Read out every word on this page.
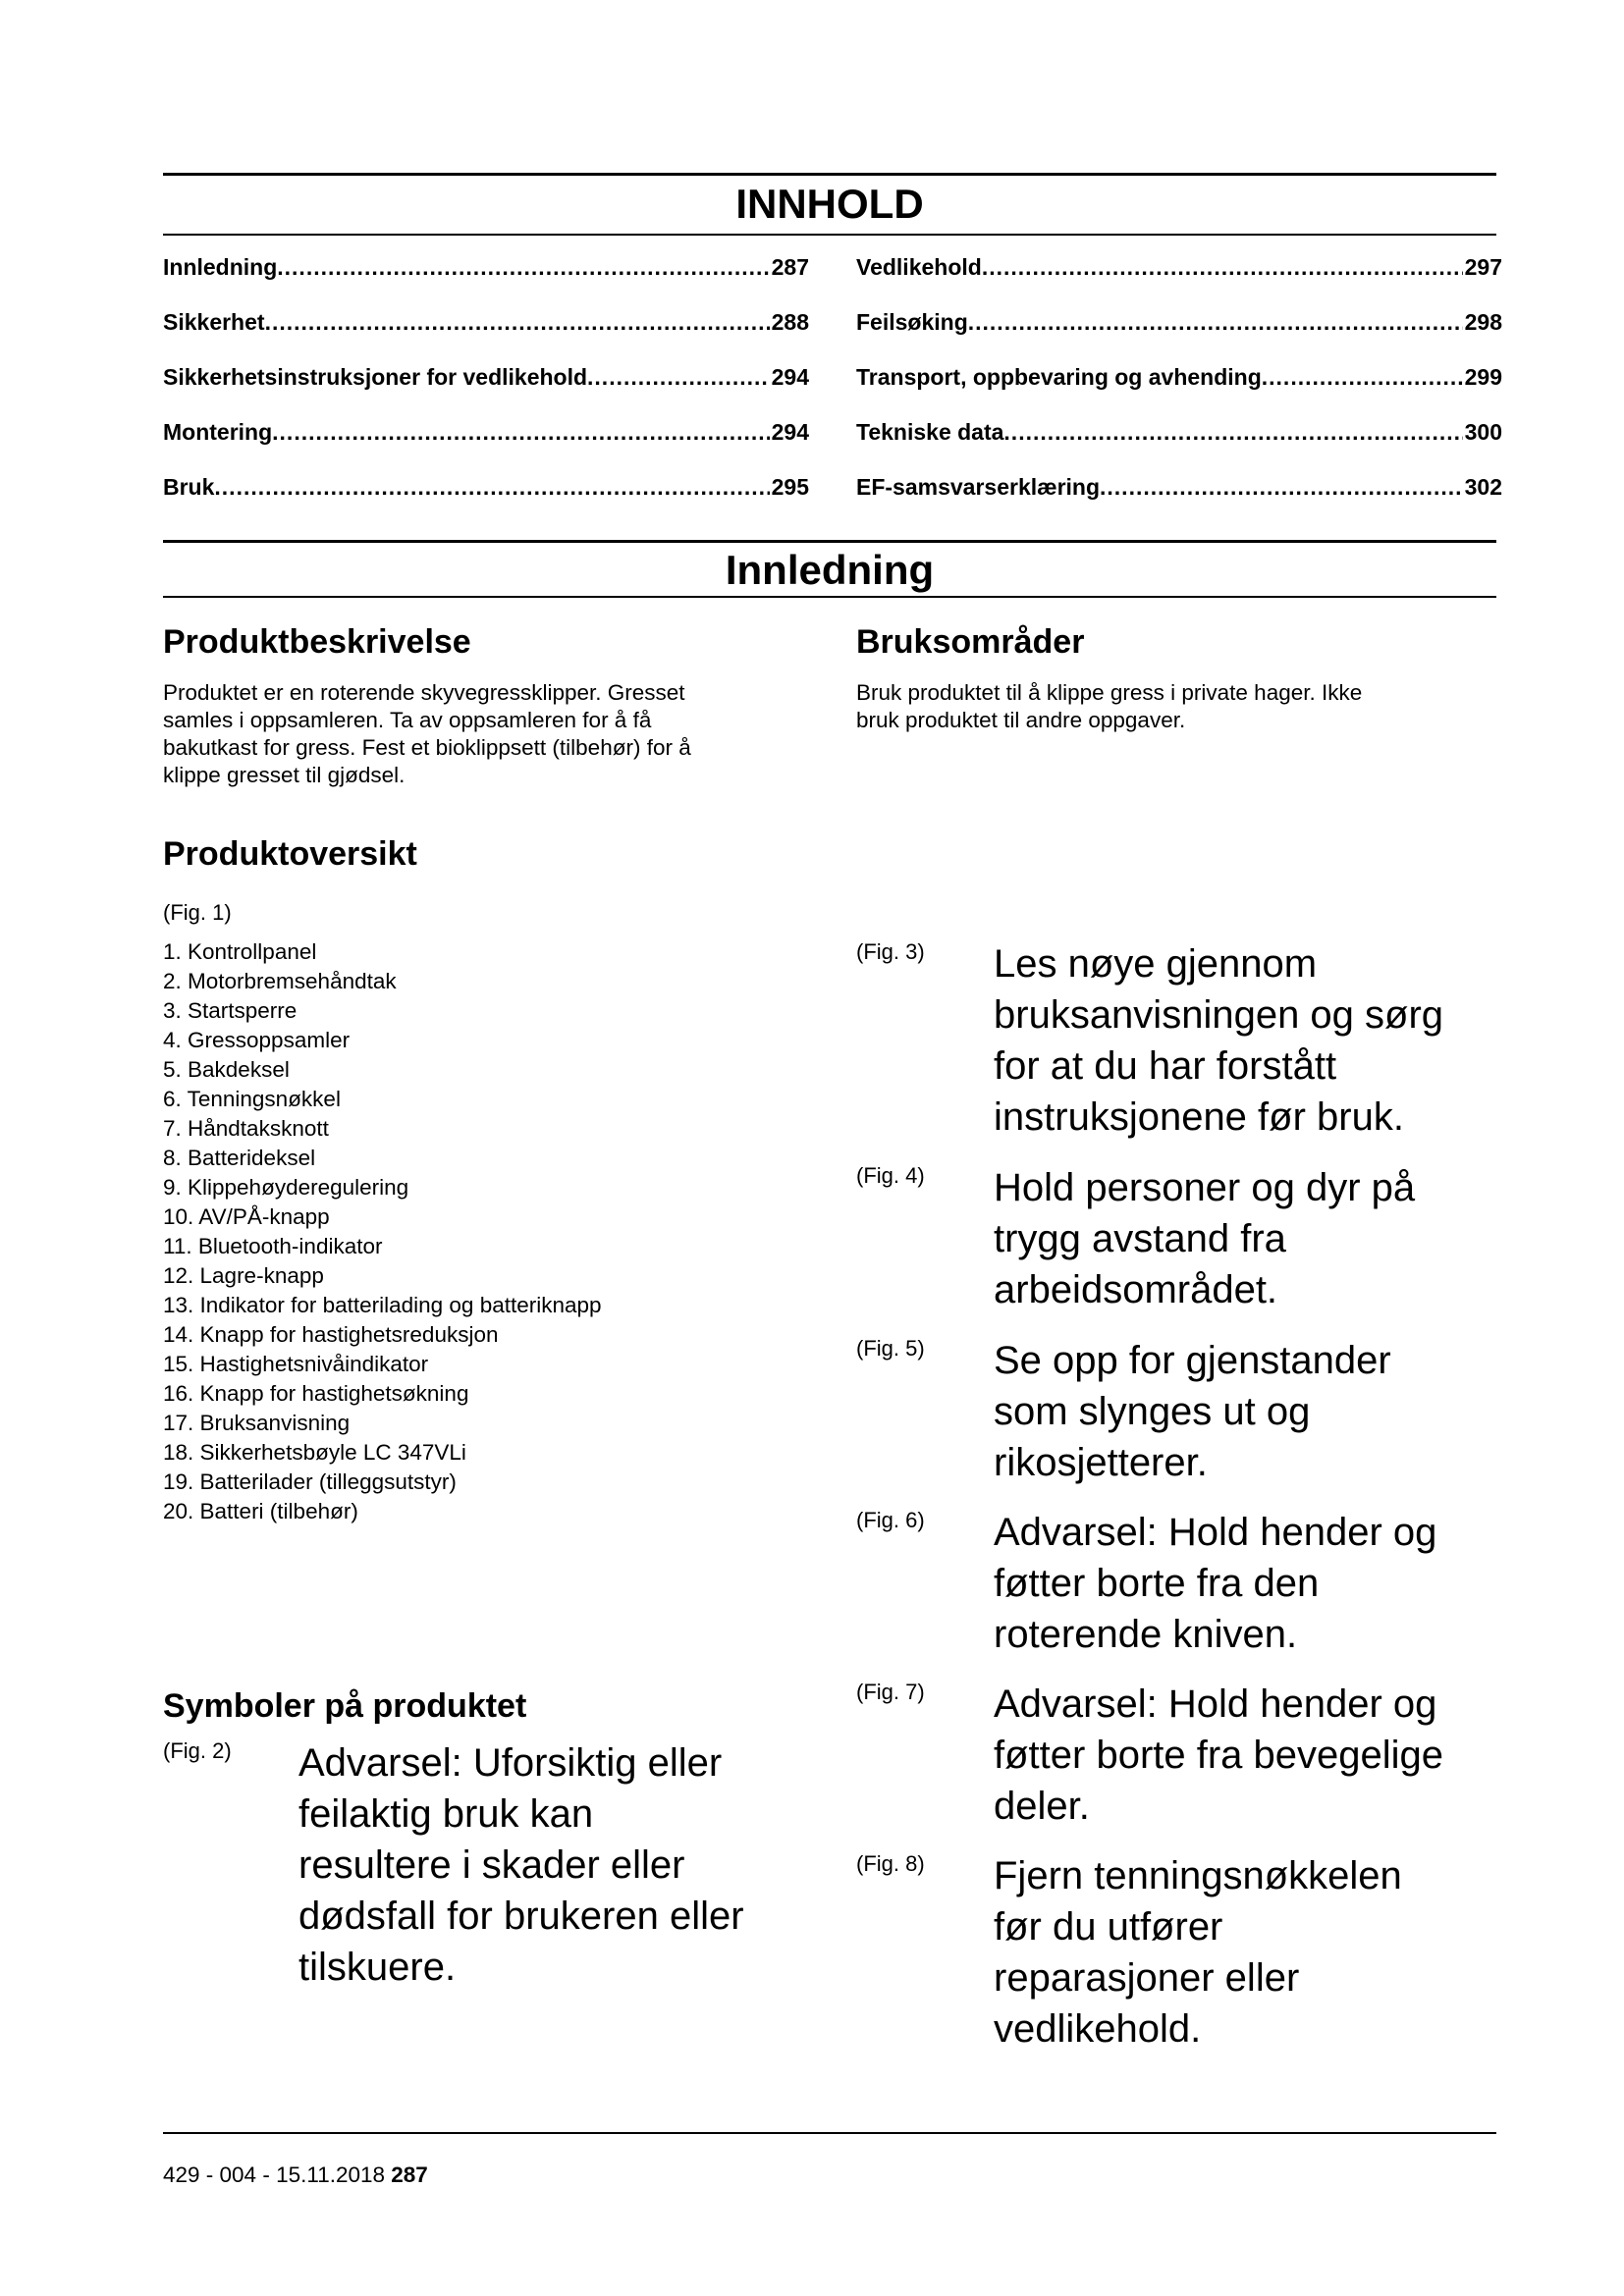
INNHOLD
Innledning .....	287
Sikkerhet .....	288
Sikkerhetsinstruksjoner for vedlikehold .....	294
Montering .....	294
Bruk .....	295
Vedlikehold .....	297
Feilsøking .....	298
Transport, oppbevaring og avhending .....	299
Tekniske data .....	300
EF-samsvarserklæring .....	302
Innledning
Produktbeskrivelse
Produktet er en roterende skyvegressklipper. Gresset
samles i oppsamleren. Ta av oppsamleren for å få
bakutkast for gress. Fest et bioklippsett (tilbehør) for å
klippe gresset til gjødsel.
Bruksområder
Bruk produktet til å klippe gress i private hager. Ikke
bruk produktet til andre oppgaver.
Produktoversikt
(Fig. 1)
1. Kontrollpanel
2. Motorbremsehåndtak
3. Startsperre
4. Gressoppsamler
5. Bakdeksel
6. Tenningsnøkkel
7. Håndtaksknott
8. Batterideksel
9. Klippehøyderegulering
10. AV/PÅ-knapp
11. Bluetooth-indikator
12. Lagre-knapp
13. Indikator for batterilading og batteriknapp
14. Knapp for hastighetsreduksjon
15. Hastighetsnivåindikator
16. Knapp for hastighetsøkning
17. Bruksanvisning
18. Sikkerhetsbøyle LC 347VLi
19. Batterilader (tilleggsutstyr)
20. Batteri (tilbehør)
Symboler på produktet
(Fig. 2) Advarsel: Uforsiktig eller
feilaktig bruk kan
resultere i skader eller
dødsfall for brukeren eller
tilskuere.
(Fig. 3) Les nøye gjennom
bruksanvisningen og sørg
for at du har forstått
instruksjonene før bruk.
(Fig. 4) Hold personer og dyr på
trygg avstand fra
arbeidsområdet.
(Fig. 5) Se opp for gjenstander
som slynges ut og
rikosjetterer.
(Fig. 6) Advarsel: Hold hender og
føtter borte fra den
roterende kniven.
(Fig. 7) Advarsel: Hold hender og
føtter borte fra bevegelige
deler.
(Fig. 8) Fjern tenningsnøkkelen
før du utfører
reparasjoner eller
vedlikehold.
429 - 004 - 15.11.2018 287
